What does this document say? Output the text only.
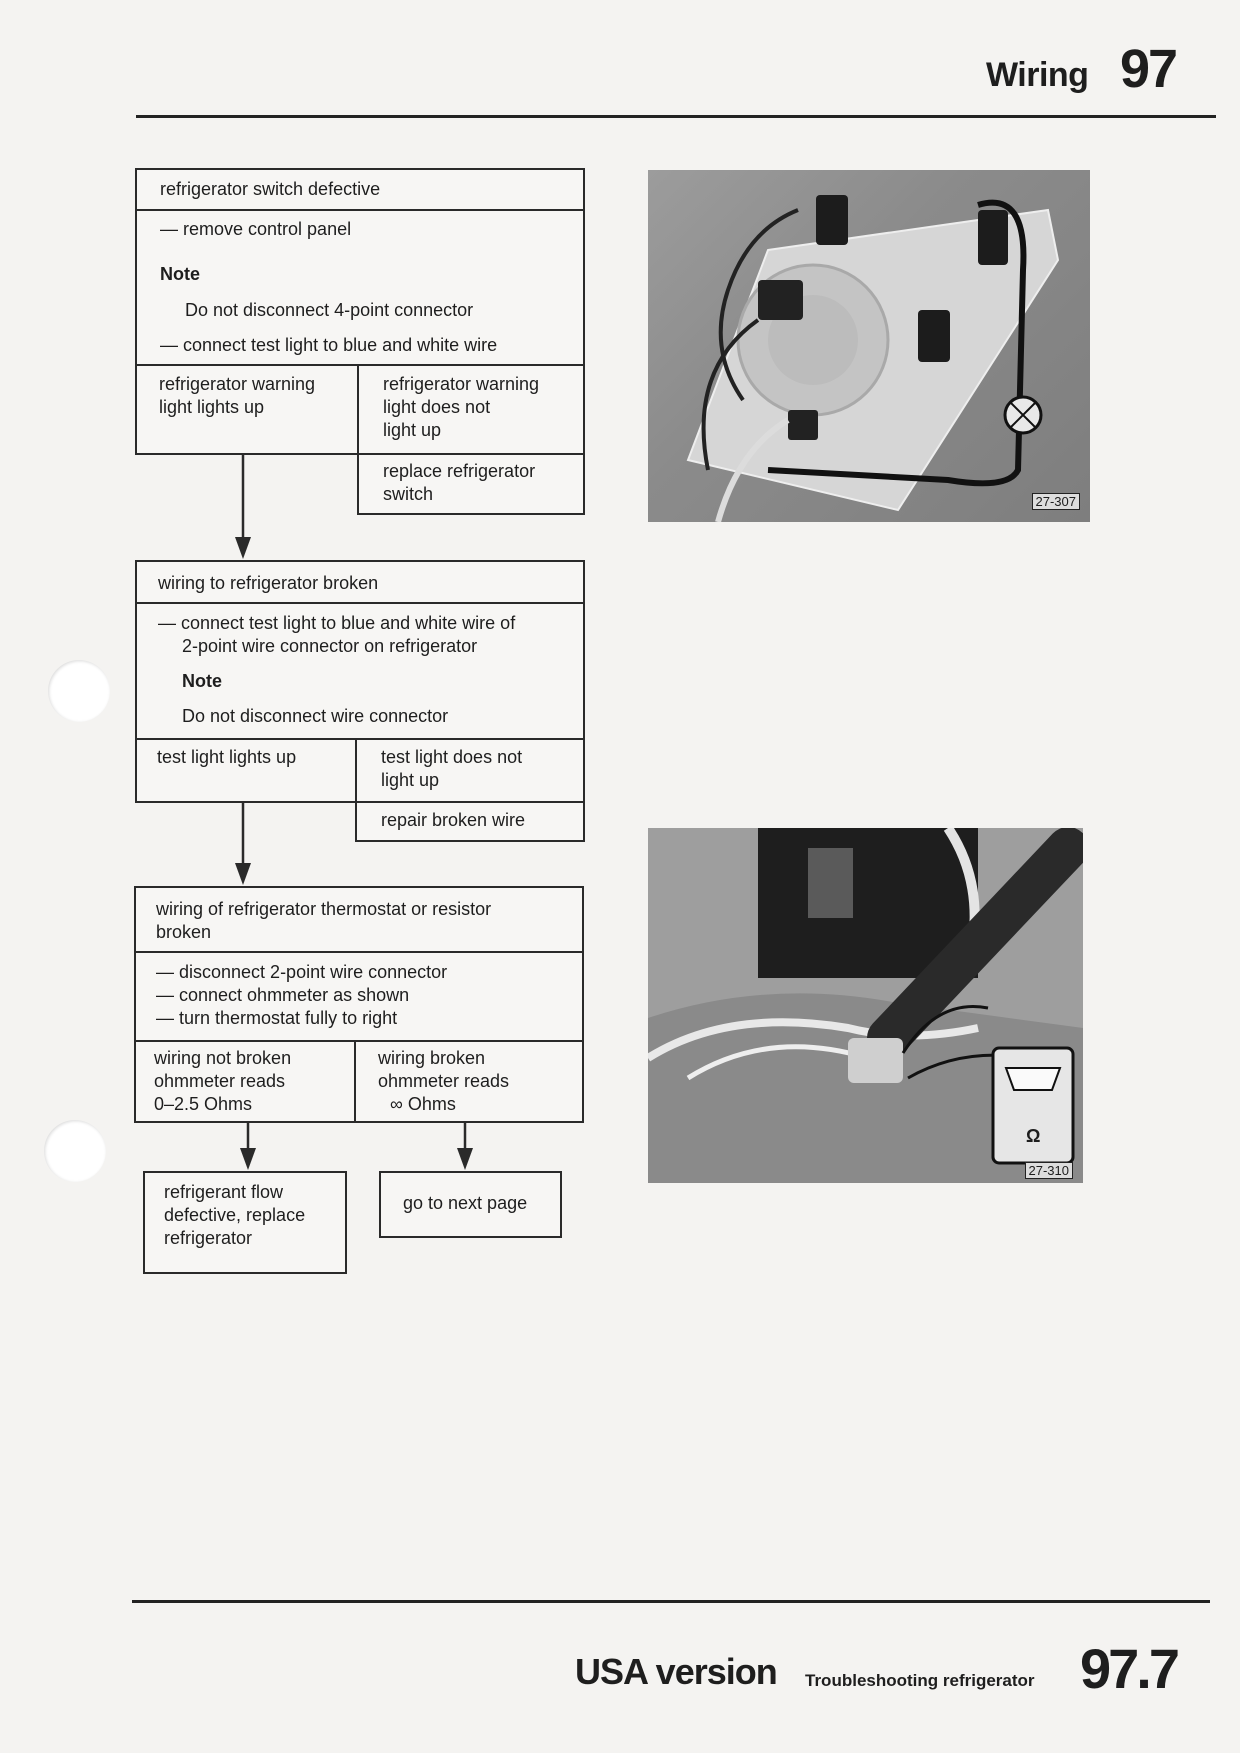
Wiring 97
refrigerator switch defective
— remove control panel
Note
Do not disconnect 4-point connector
— connect test light to blue and white wire
refrigerator warning
light lights up
refrigerator warning
light does not
light up
replace refrigerator
switch
wiring to refrigerator broken
— connect test light to blue and white wire of
2-point wire connector on refrigerator
Note
Do not disconnect wire connector
test light lights up	test light does not
light up
repair broken wire
wiring of refrigerator thermostat or resistor
broken
— disconnect 2-point wire connector
— connect ohmmeter as shown
— turn thermostat fully to right
wiring not broken
ohmmeter reads
0–2.5 Ohms
wiring broken
ohmmeter reads
∞ Ohms
refrigerant flow
defective, replace
refrigerator
go to next page
27-307
Ω
27-310
USA version Troubleshooting refrigerator 97.7
